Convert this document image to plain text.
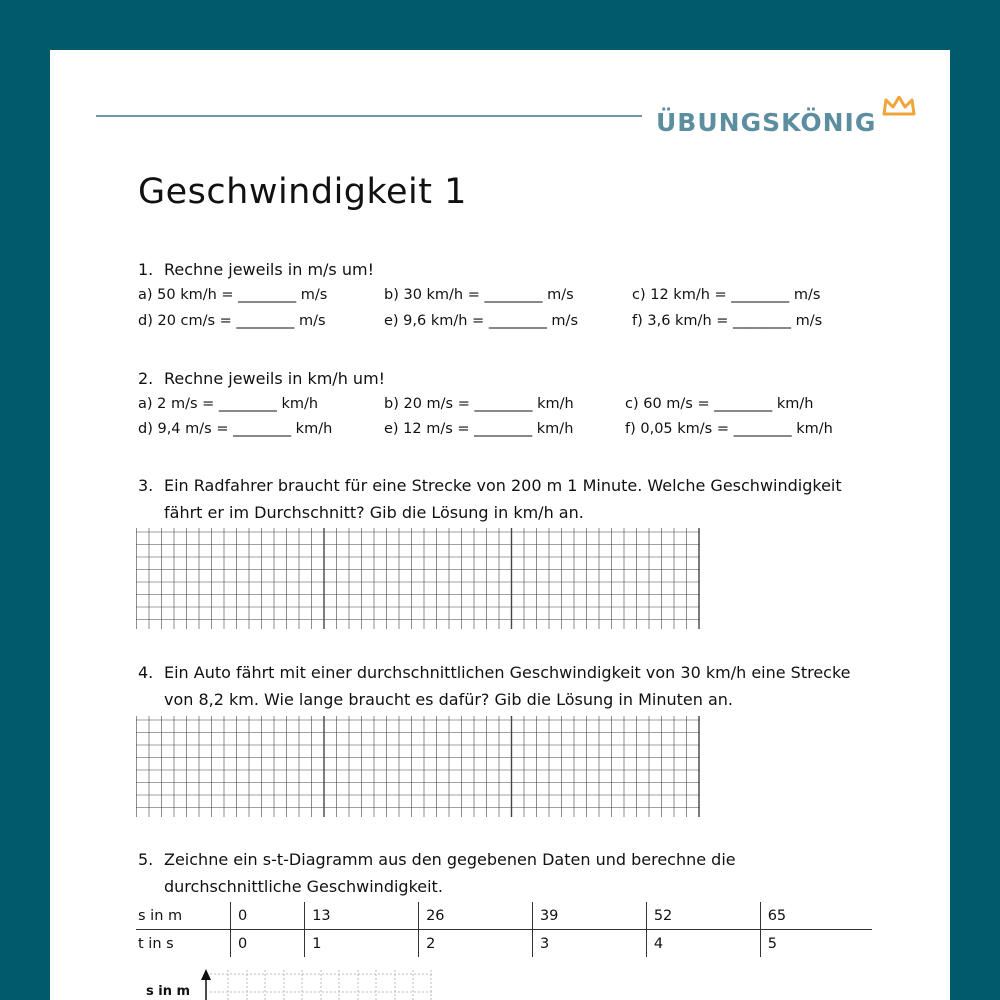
ÜBUNGSKÖNIG
Geschwindigkeit 1
1. Rechne jeweils in m/s um!
a) 50 km/h = ________ m/s	b) 30 km/h = ________ m/s	c) 12 km/h = ________ m/s
d) 20 cm/s = ________ m/s	e) 9,6 km/h = ________ m/s	f) 3,6 km/h = ________ m/s
2. Rechne jeweils in km/h um!
a) 2 m/s = ________ km/h	b) 20 m/s = ________ km/h	c) 60 m/s = ________ km/h
d) 9,4 m/s = ________ km/h	e) 12 m/s = ________ km/h	f) 0,05 km/s = ________ km/h
3. Ein Radfahrer braucht für eine Strecke von 200 m 1 Minute. Welche Geschwindigkeit fährt er im Durchschnitt? Gib die Lösung in km/h an.
4. Ein Auto fährt mit einer durchschnittlichen Geschwindigkeit von 30 km/h eine Strecke von 8,2 km. Wie lange braucht es dafür? Gib die Lösung in Minuten an.
5. Zeichne ein s-t-Diagramm aus den gegebenen Daten und berechne die durchschnittliche Geschwindigkeit.
s in m	0	13	26	39	52	65
t in s	0	1	2	3	4	5
s in m
